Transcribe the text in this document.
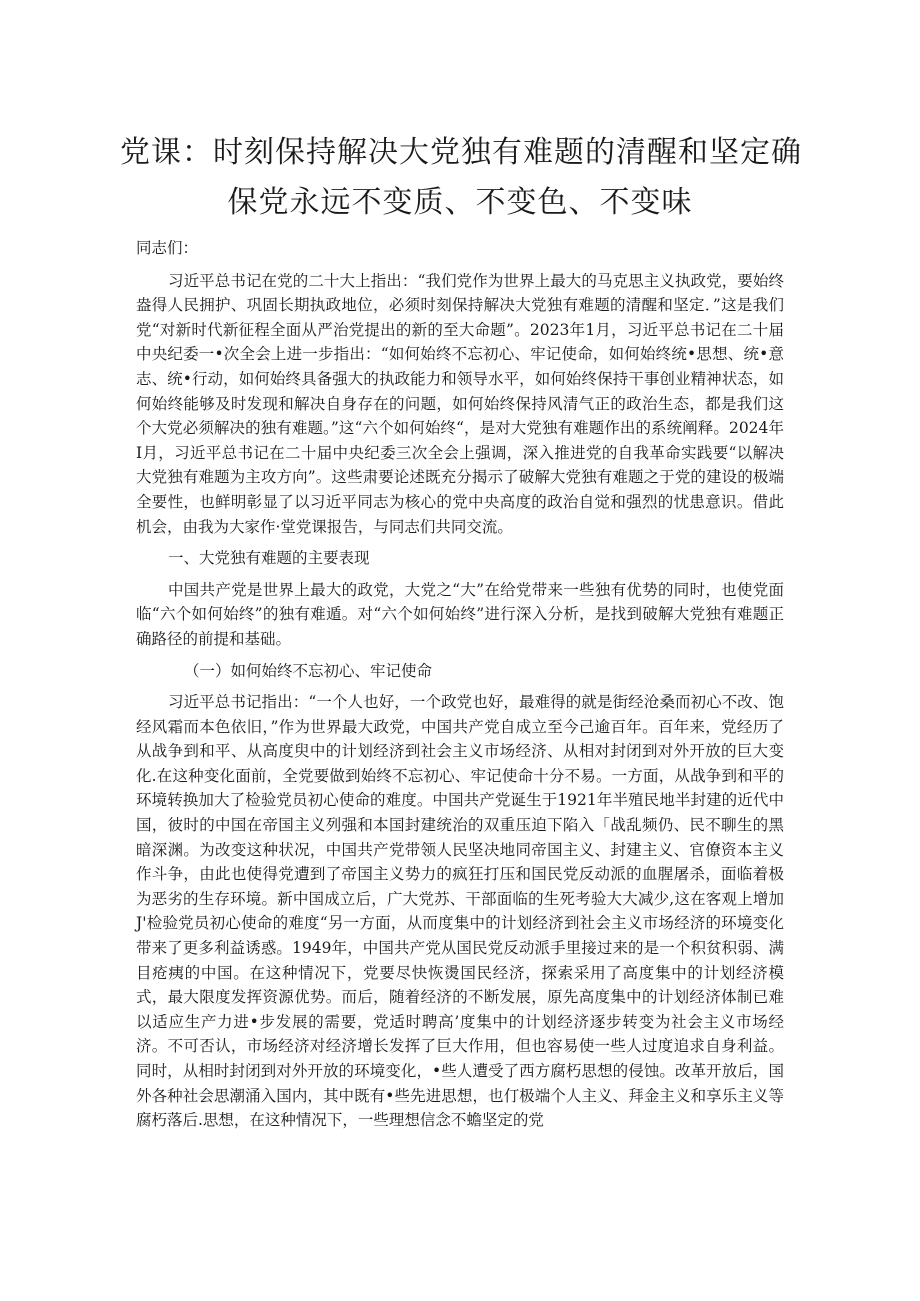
党课：时刻保持解决大党独有难题的清醒和坚定确
保党永远不变质、不变色、不变味

同志们：

习近平总书记在党的二十大上指出：“我们党作为世界上最大的马克思主义执政党，要始终盎得人民拥护、巩固长期执政地位，必须时刻保持解决大党独有难题的清醒和坚定．”这是我们党“对新时代新征程全面从严治党提出的新的至大命题”。2023年1月，习近平总书记在二十届中央纪委一•次全会上进一步指出：“如何始终不忘初心、牢记使命，如何始终统•思想、统•意志、统•行动，如何始终具备强大的执政能力和领导水平，如何始终保持干事创业精神状态，如何始终能够及时发现和解决自身存在的问题，如何始终保持风清气正的政治生态，都是我们这个大党必须解决的独有难题。”这“六个如何始终“，是对大党独有难题作出的系统阐释。2024年I月，习近平总书记在二十届中央纪委三次全会上强调，深入推进党的自我革命实践要“以解决大党独有难题为主攻方向”。这些肃要论述既充分揭示了破解大党独有难题之于党的建设的极端全要性，也鲜明彰显了以习近平同志为核心的党中央高度的政治自觉和强烈的忧患意识。借此机会，由我为大家作·堂党课报告，与同志们共同交流。

一、大党独有难题的主要表现

中国共产党是世界上最大的政党，大党之“大”在给党带来一些独有优势的同时，也使党面临“六个如何始终”的独有难遁。对“六个如何始终”进行深入分析，是找到破解大党独有难题正确路径的前提和基础。

（一）如何始终不忘初心、牢记使命

习近平总书记指出：“一个人也好，一个政党也好，最难得的就是街经沧桑而初心不改、饱经风霜而本色依旧，”作为世界最大政党，中国共产党自成立至今己逾百年。百年来，党经历了从战争到和平、从高度臾中的计划经济到社会主义市场经济、从相对封闭到对外开放的巨大变化.在这种变化面前，全党要做到始终不忘初心、牢记使命十分不易。一方面，从战争到和平的环境转换加大了检验党员初心使命的难度。中国共产党诞生于1921年半殖民地半封建的近代中国，彼时的中国在帝国主义列强和本国封建统治的双重压迫下陷入「战乱频仍、民不聊生的黑暗深渊。为改变这种状况，中国共产党带领人民坚决地同帝国主义、封建主义、官僚资本主义作斗争，由此也使得党遭到了帝国主义势力的疯狂打压和国民党反动派的血腥屠杀，面临着极为恶劣的生存环境。新中国成立后，广大党苏、干部面临的生死考验大大减少,这在客观上增加J'检验党员初心使命的难度“另一方面，从而度集中的计划经济到社会主义市场经济的环境变化带来了更多利益诱惑。1949年，中国共产党从国民党反动派手里接过来的是一个积贫积弱、满目疮痍的中国。在这种情况下，党要尽快恢燙国民经济，探索采用了高度集中的计划经济模式，最大限度发挥资源优势。而后，随着经济的不断发展，原先高度集中的计划经济体制已难以适应生产力进•步发展的需要，党适时聘高’度集中的计划经济逐步转变为社会主义市场经济。不可否认，市场经济对经济增长发挥了巨大作用，但也容易使一些人过度追求自身利益。同时，从相时封闭到对外开放的环境变化，•些人遭受了西方腐朽思想的侵蚀。改革开放后，国外各种社会思潮涌入国内，其中既有•些先进思想，也仃极端个人主义、拜金主义和享乐主义等腐朽落后.思想，在这种情况下，一些理想信念不蟾坚定的党
